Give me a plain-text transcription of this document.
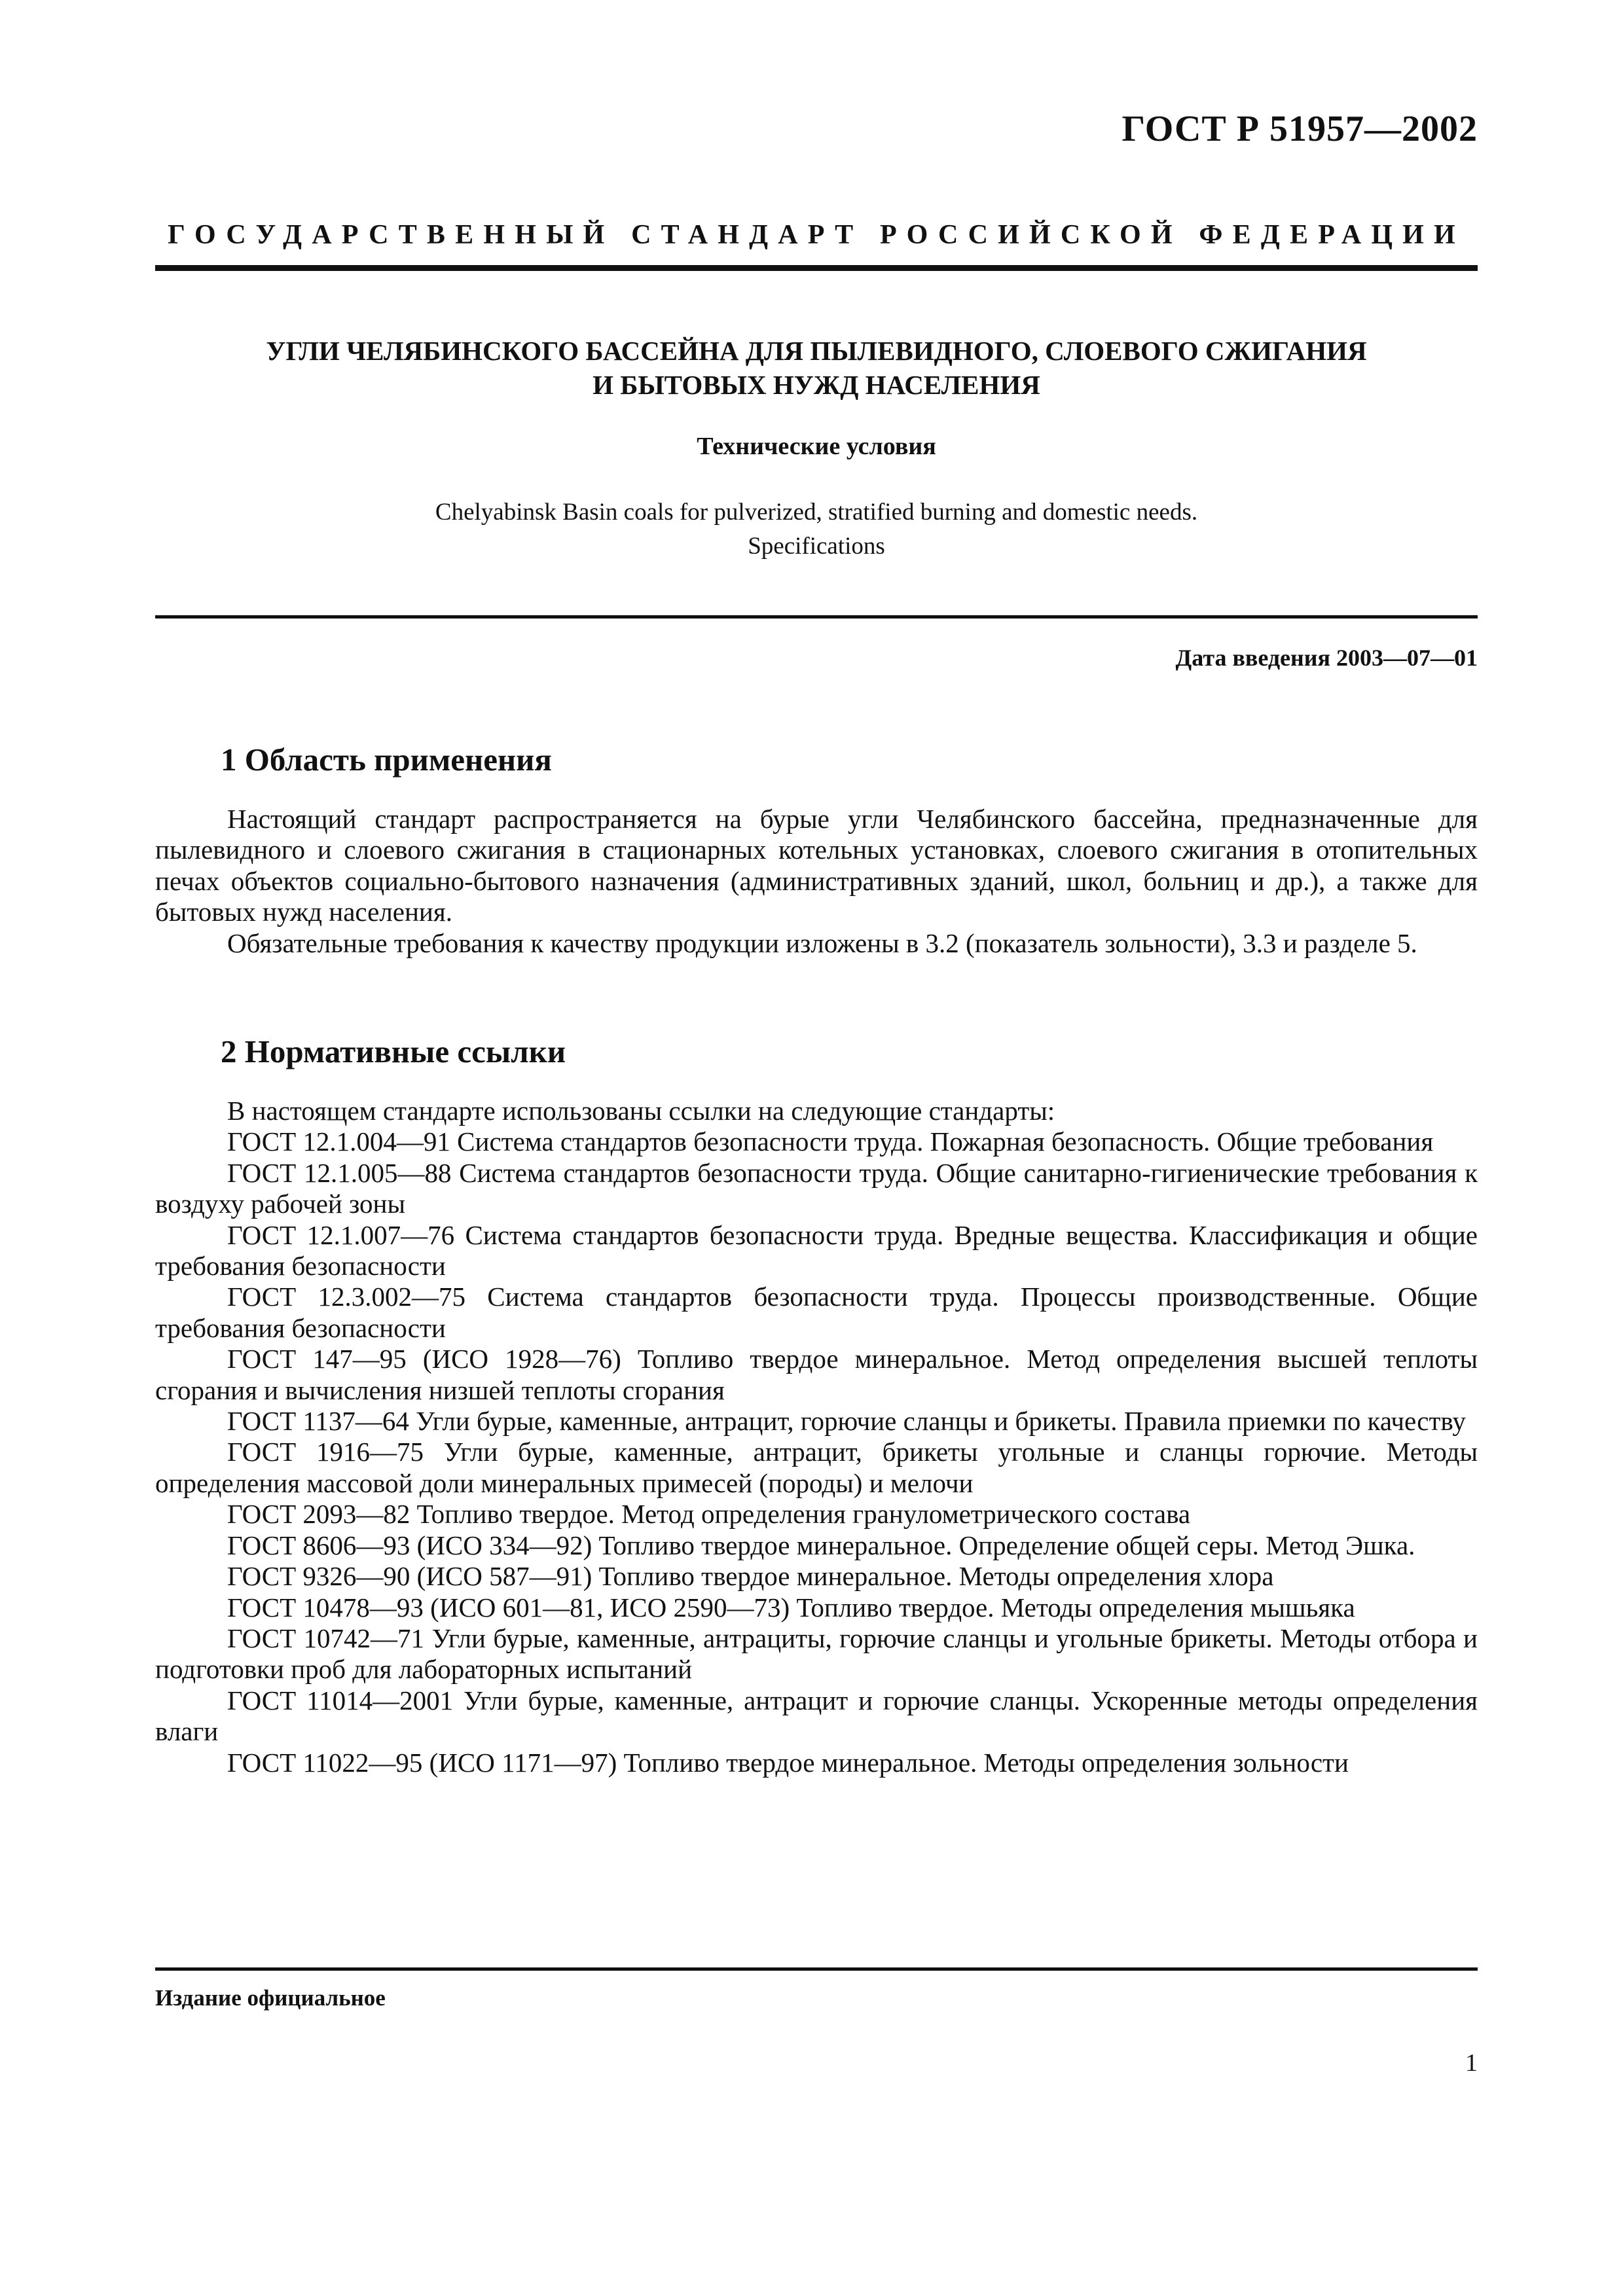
ГОСТ Р 51957—2002
ГОСУДАРСТВЕННЫЙ СТАНДАРТ РОССИЙСКОЙ ФЕДЕРАЦИИ
УГЛИ ЧЕЛЯБИНСКОГО БАССЕЙНА ДЛЯ ПЫЛЕВИДНОГО, СЛОЕВОГО СЖИГАНИЯ
И БЫТОВЫХ НУЖД НАСЕЛЕНИЯ
Технические условия
Chelyabinsk Basin coals for pulverized, stratified burning and domestic needs.
Specifications
Дата введения 2003—07—01
1 Область применения

Настоящий стандарт распространяется на бурые угли Челябинского бассейна, предназначенные для пылевидного и слоевого сжигания в стационарных котельных установках, слоевого сжигания в отопительных печах объектов социально-бытового назначения (административных зданий, школ, больниц и др.), а также для бытовых нужд населения.

Обязательные требования к качеству продукции изложены в 3.2 (показатель зольности), 3.3 и разделе 5.

2 Нормативные ссылки

В настоящем стандарте использованы ссылки на следующие стандарты:

ГОСТ 12.1.004—91 Система стандартов безопасности труда. Пожарная безопасность. Общие требования

ГОСТ 12.1.005—88 Система стандартов безопасности труда. Общие санитарно-гигиенические требования к воздуху рабочей зоны

ГОСТ 12.1.007—76 Система стандартов безопасности труда. Вредные вещества. Классификация и общие требования безопасности

ГОСТ 12.3.002—75 Система стандартов безопасности труда. Процессы производственные. Общие требования безопасности

ГОСТ 147—95 (ИСО 1928—76) Топливо твердое минеральное. Метод определения высшей теплоты сгорания и вычисления низшей теплоты сгорания

ГОСТ 1137—64 Угли бурые, каменные, антрацит, горючие сланцы и брикеты. Правила приемки по качеству

ГОСТ 1916—75 Угли бурые, каменные, антрацит, брикеты угольные и сланцы горючие. Методы определения массовой доли минеральных примесей (породы) и мелочи

ГОСТ 2093—82 Топливо твердое. Метод определения гранулометрического состава

ГОСТ 8606—93 (ИСО 334—92) Топливо твердое минеральное. Определение общей серы. Метод Эшка.

ГОСТ 9326—90 (ИСО 587—91) Топливо твердое минеральное. Методы определения хлора

ГОСТ 10478—93 (ИСО 601—81, ИСО 2590—73) Топливо твердое. Методы определения мышьяка

ГОСТ 10742—71 Угли бурые, каменные, антрациты, горючие сланцы и угольные брикеты. Методы отбора и подготовки проб для лабораторных испытаний

ГОСТ 11014—2001 Угли бурые, каменные, антрацит и горючие сланцы. Ускоренные методы определения влаги

ГОСТ 11022—95 (ИСО 1171—97) Топливо твердое минеральное. Методы определения зольности

Издание официальное
1
